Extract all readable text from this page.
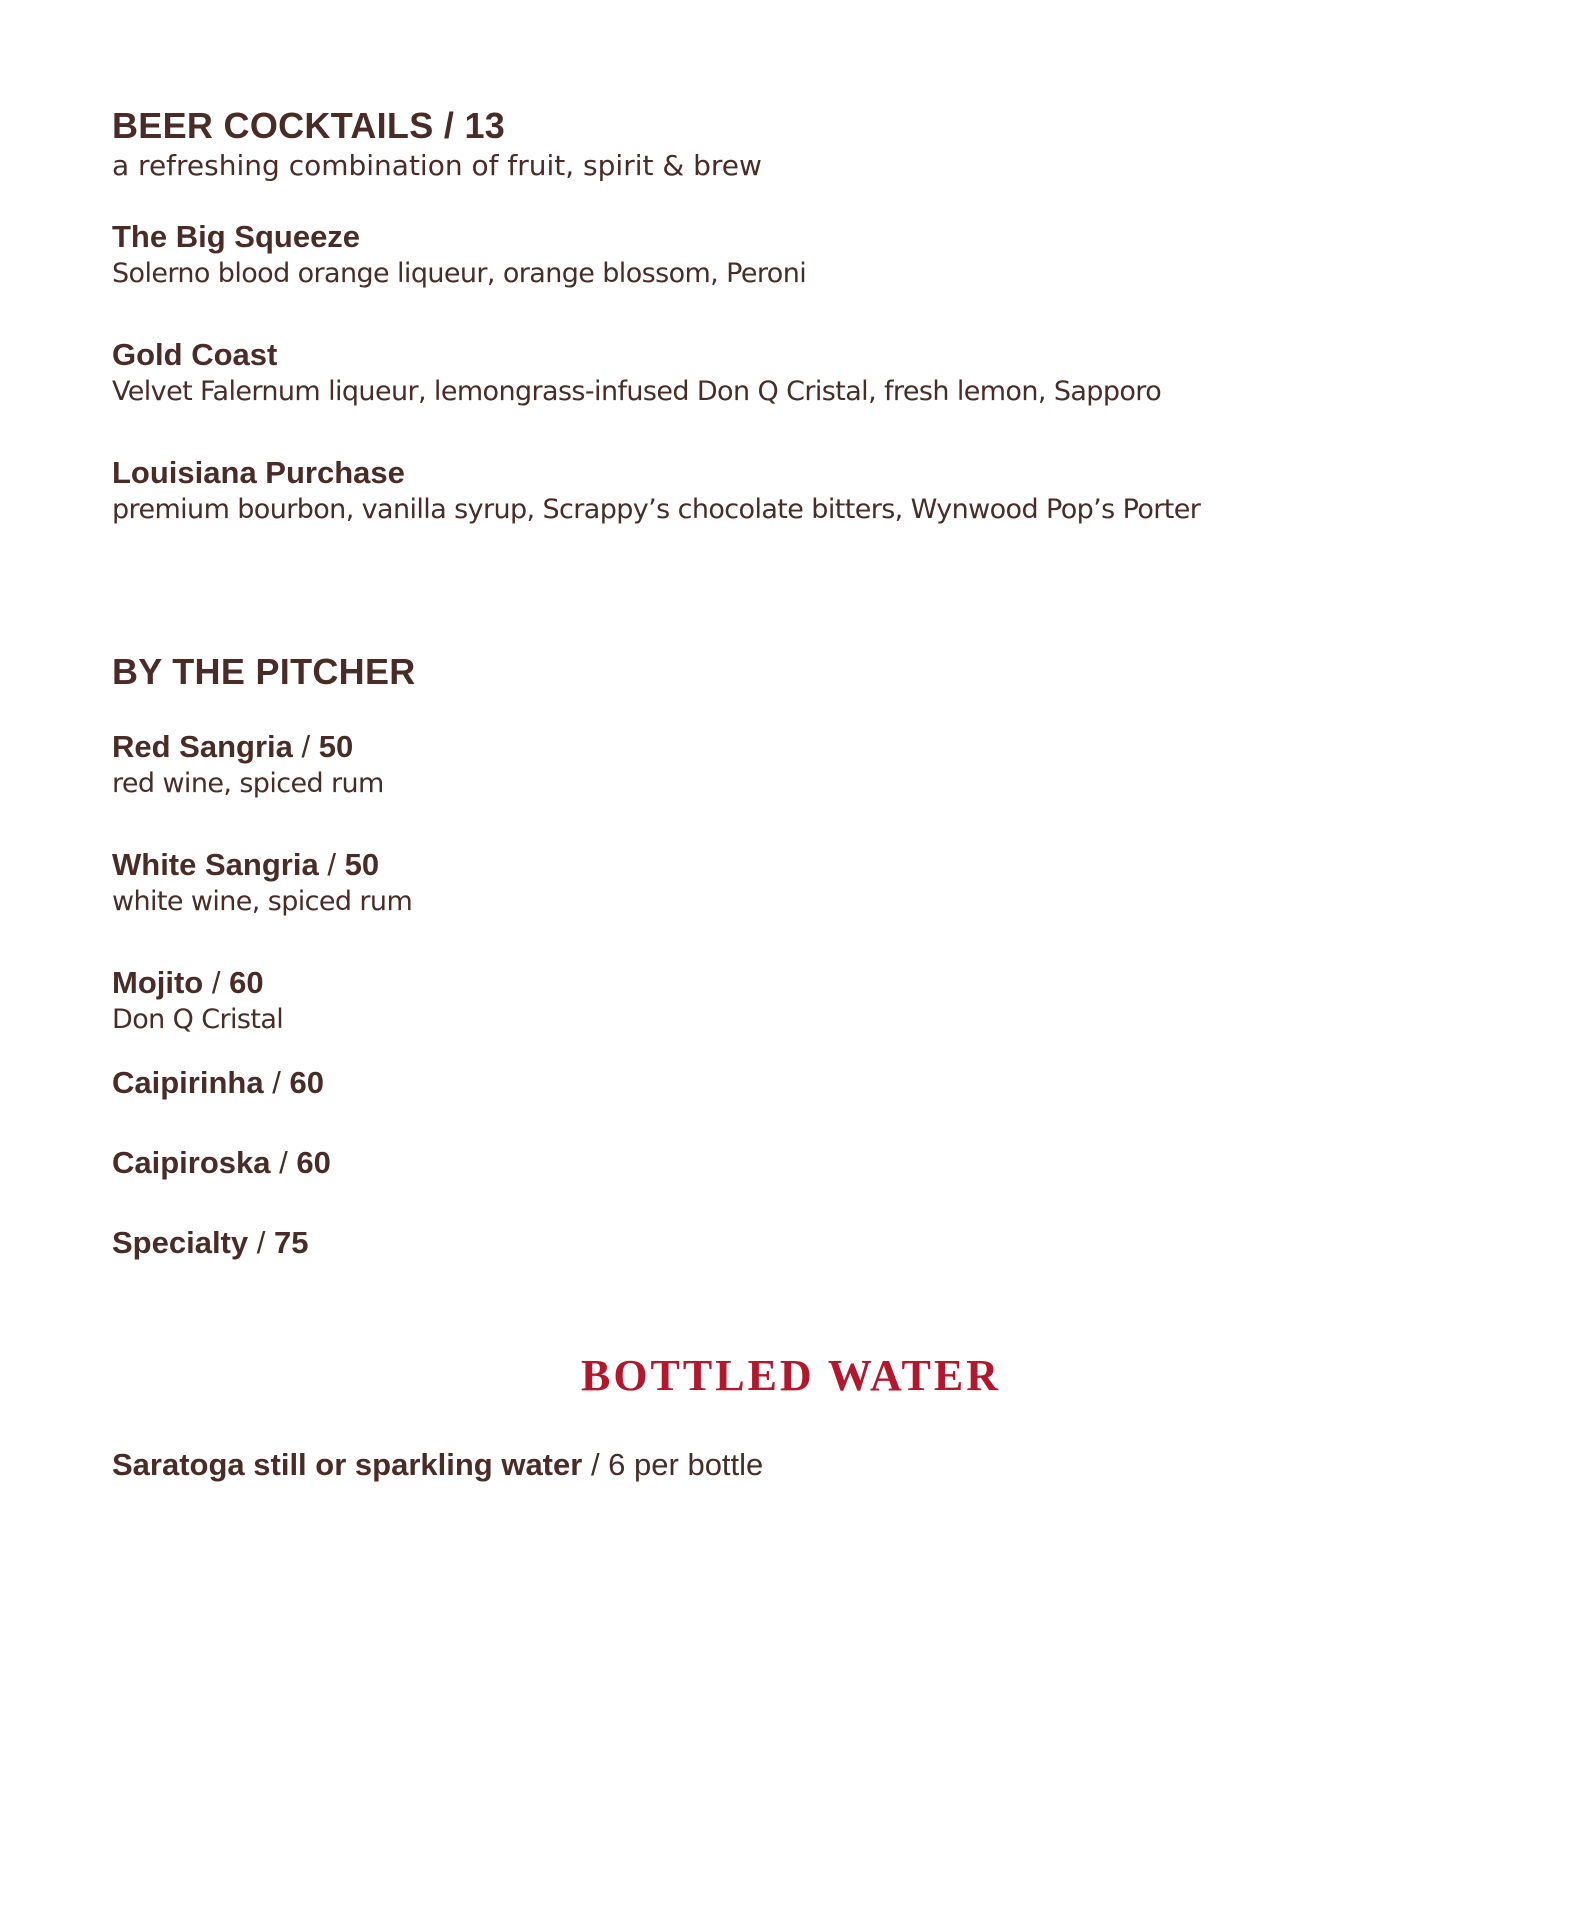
BEER COCKTAILS / 13

a refreshing combination of fruit, spirit & brew

The Big Squeeze

Solerno blood orange liqueur, orange blossom, Peroni

Gold Coast

Velvet Falernum liqueur, lemongrass-infused Don Q Cristal, fresh lemon, Sapporo

Louisiana Purchase

premium bourbon, vanilla syrup, Scrappy’s chocolate bitters, Wynwood Pop’s Porter

BY THE PITCHER

Red Sangria / 50

red wine, spiced rum

White Sangria / 50

white wine, spiced rum

Mojito / 60

Don Q Cristal

Caipirinha / 60

Caipiroska / 60

Specialty / 75

BOTTLED WATER

Saratoga still or sparkling water / 6 per bottle
